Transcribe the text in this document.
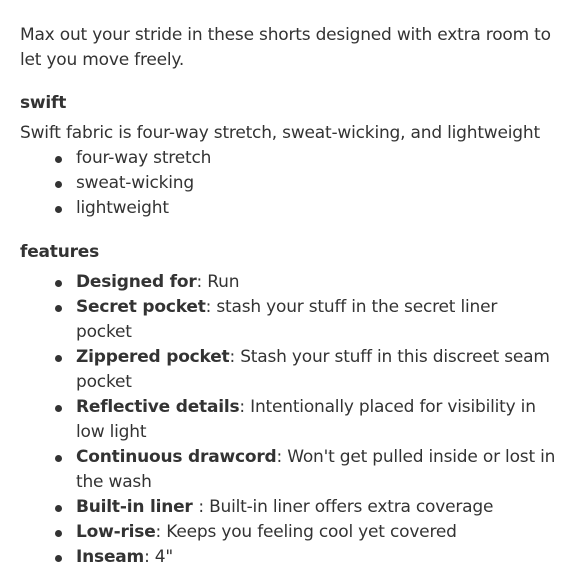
Max out your stride in these shorts designed with extra room to let you move freely.

swift
Swift fabric is four-way stretch, sweat-wicking, and lightweight
four-way stretch
sweat-wicking
lightweight
features
Designed for: Run
Secret pocket: stash your stuff in the secret liner pocket
Zippered pocket: Stash your stuff in this discreet seam pocket
Reflective details: Intentionally placed for visibility in low light
Continuous drawcord: Won't get pulled inside or lost in the wash
Built-in liner : Built-in liner offers extra coverage
Low-rise: Keeps you feeling cool yet covered
Inseam: 4"
